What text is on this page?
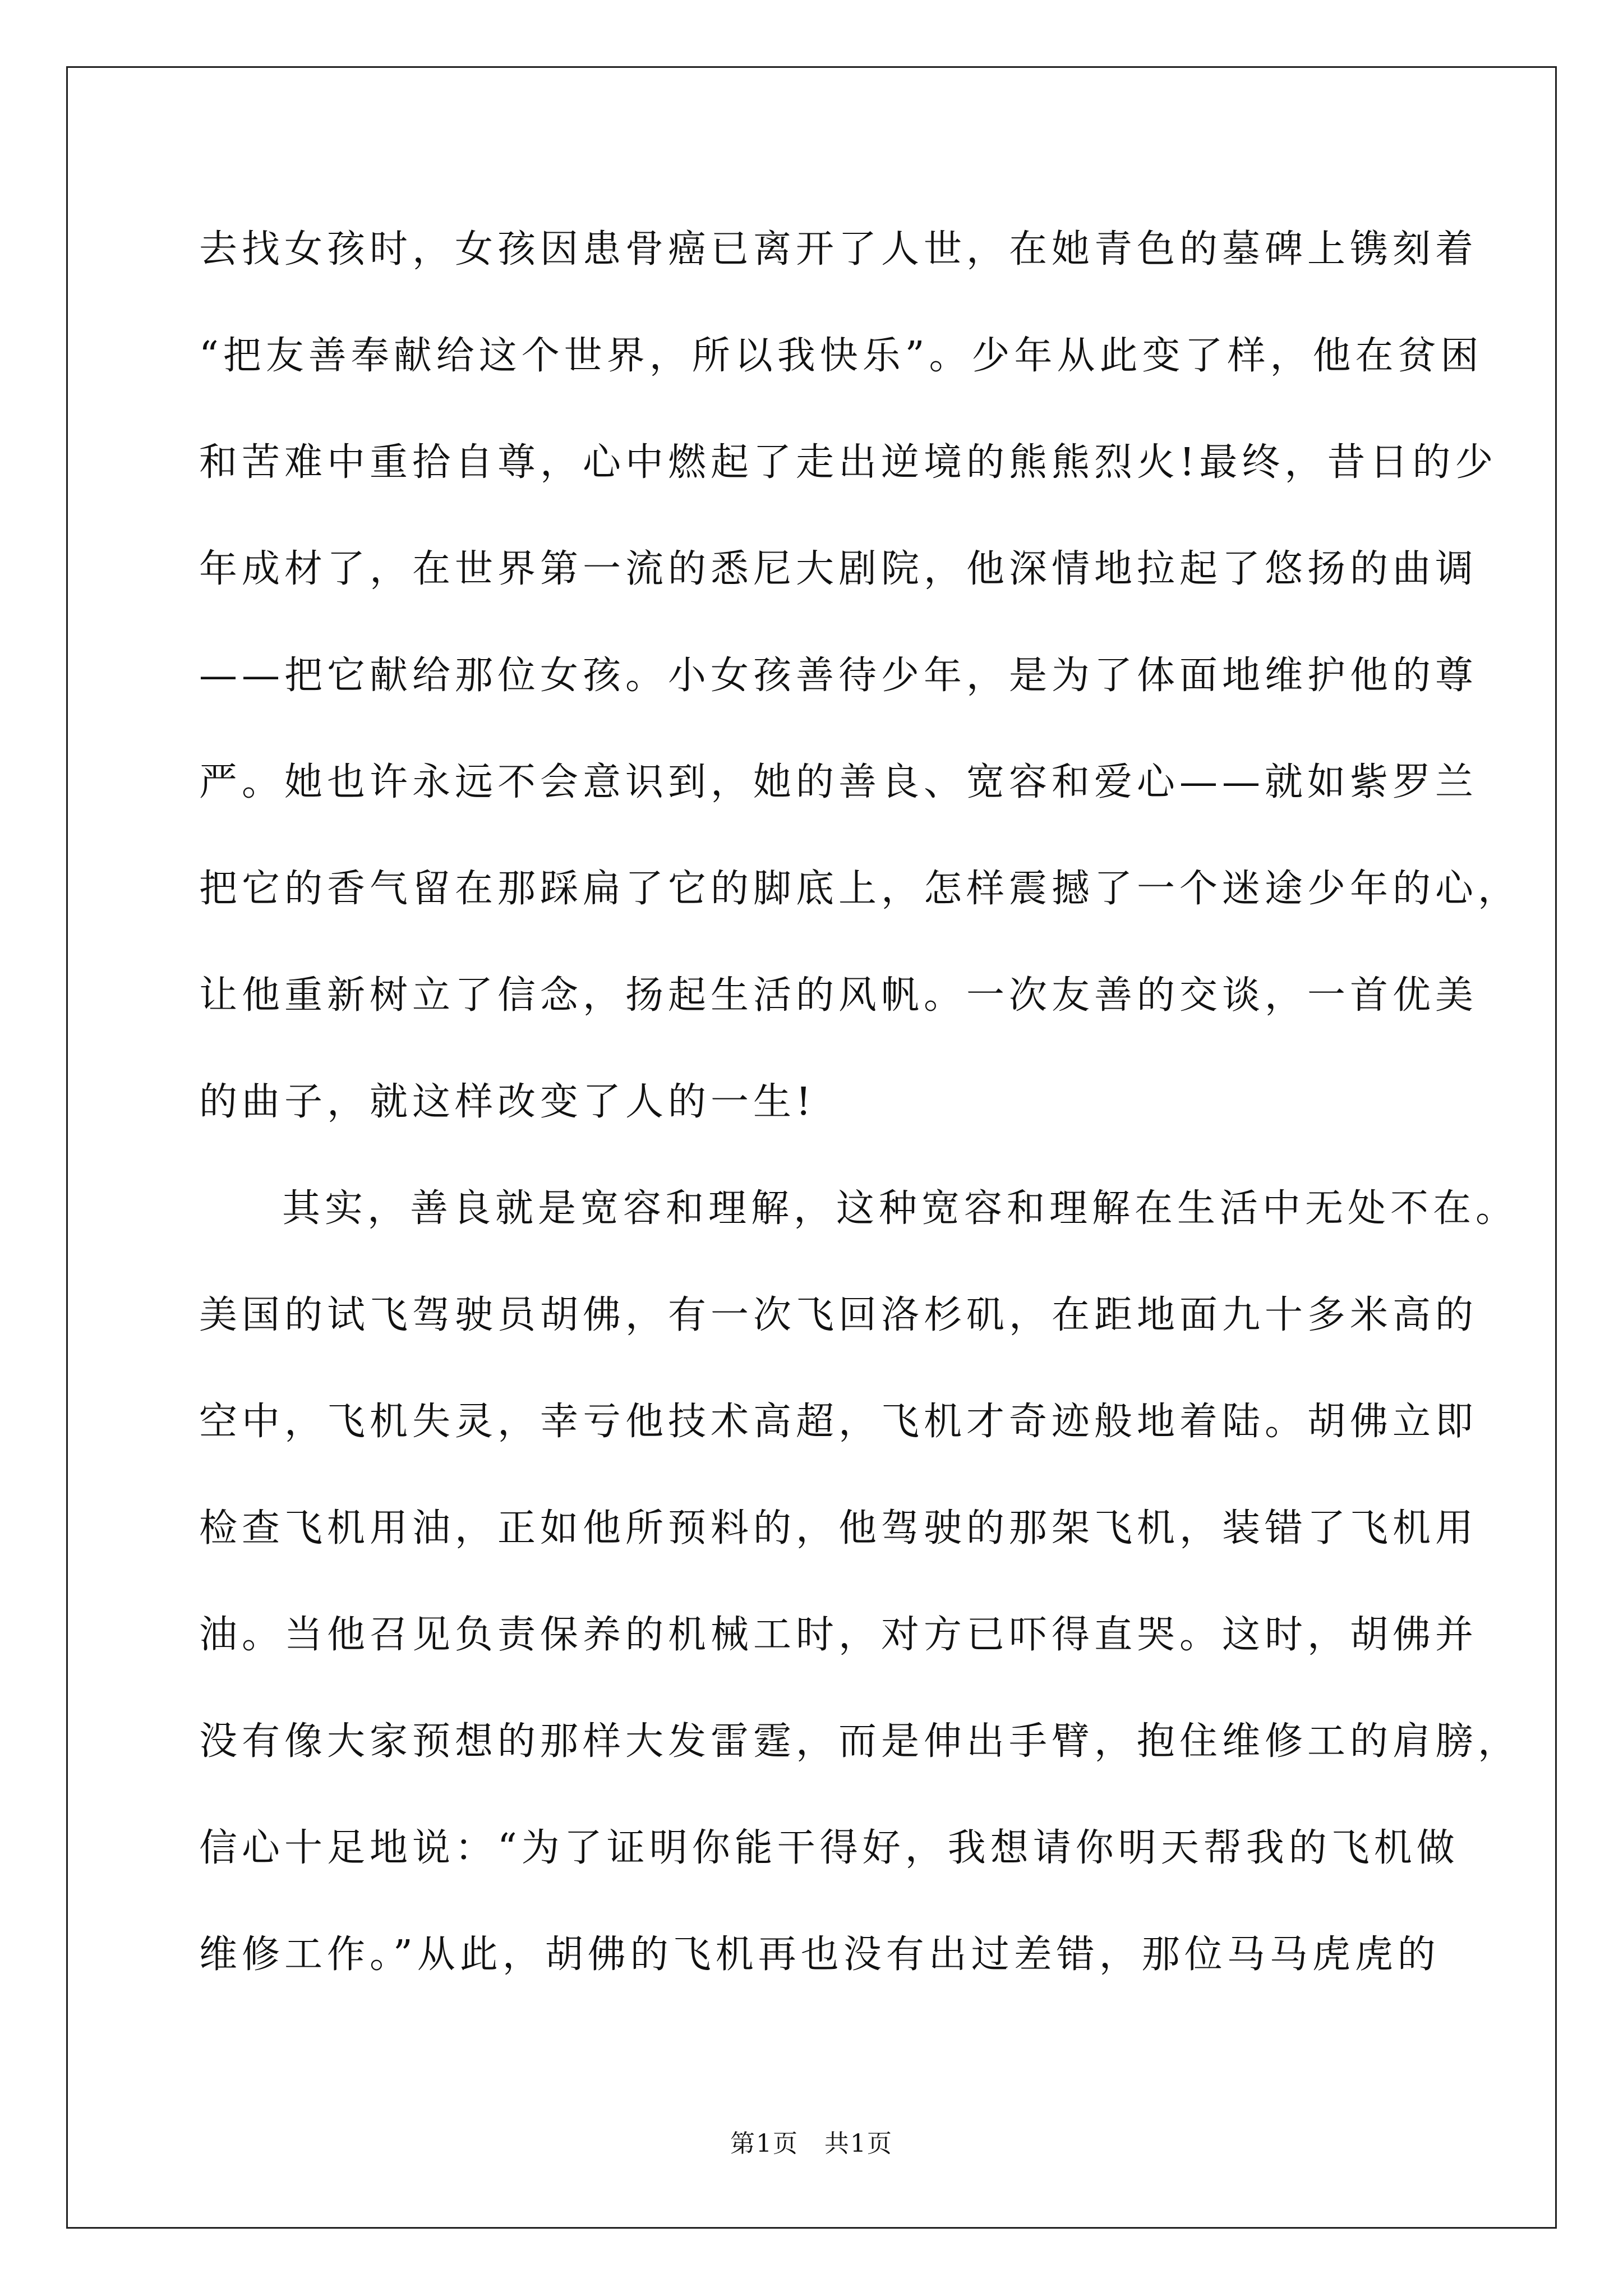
去找女孩时，女孩因患骨癌已离开了人世，在她青色的墓碑上镌刻着
“把友善奉献给这个世界，所以我快乐”。少年从此变了样，他在贫困
和苦难中重拾自尊，心中燃起了走出逆境的熊熊烈火!最终，昔日的少
年成材了，在世界第一流的悉尼大剧院，他深情地拉起了悠扬的曲调
——把它献给那位女孩。小女孩善待少年，是为了体面地维护他的尊
严。她也许永远不会意识到，她的善良、宽容和爱心——就如紫罗兰
把它的香气留在那踩扁了它的脚底上，怎样震撼了一个迷途少年的心，
让他重新树立了信念，扬起生活的风帆。一次友善的交谈，一首优美
的曲子，就这样改变了人的一生!
其实，善良就是宽容和理解，这种宽容和理解在生活中无处不在。
美国的试飞驾驶员胡佛，有一次飞回洛杉矶，在距地面九十多米高的
空中，飞机失灵，幸亏他技术高超，飞机才奇迹般地着陆。胡佛立即
检查飞机用油，正如他所预料的，他驾驶的那架飞机，装错了飞机用
油。当他召见负责保养的机械工时，对方已吓得直哭。这时，胡佛并
没有像大家预想的那样大发雷霆，而是伸出手臂，抱住维修工的肩膀，
信心十足地说：“为了证明你能干得好，我想请你明天帮我的飞机做
维修工作。”从此，胡佛的飞机再也没有出过差错，那位马马虎虎的
第1页　共1页
